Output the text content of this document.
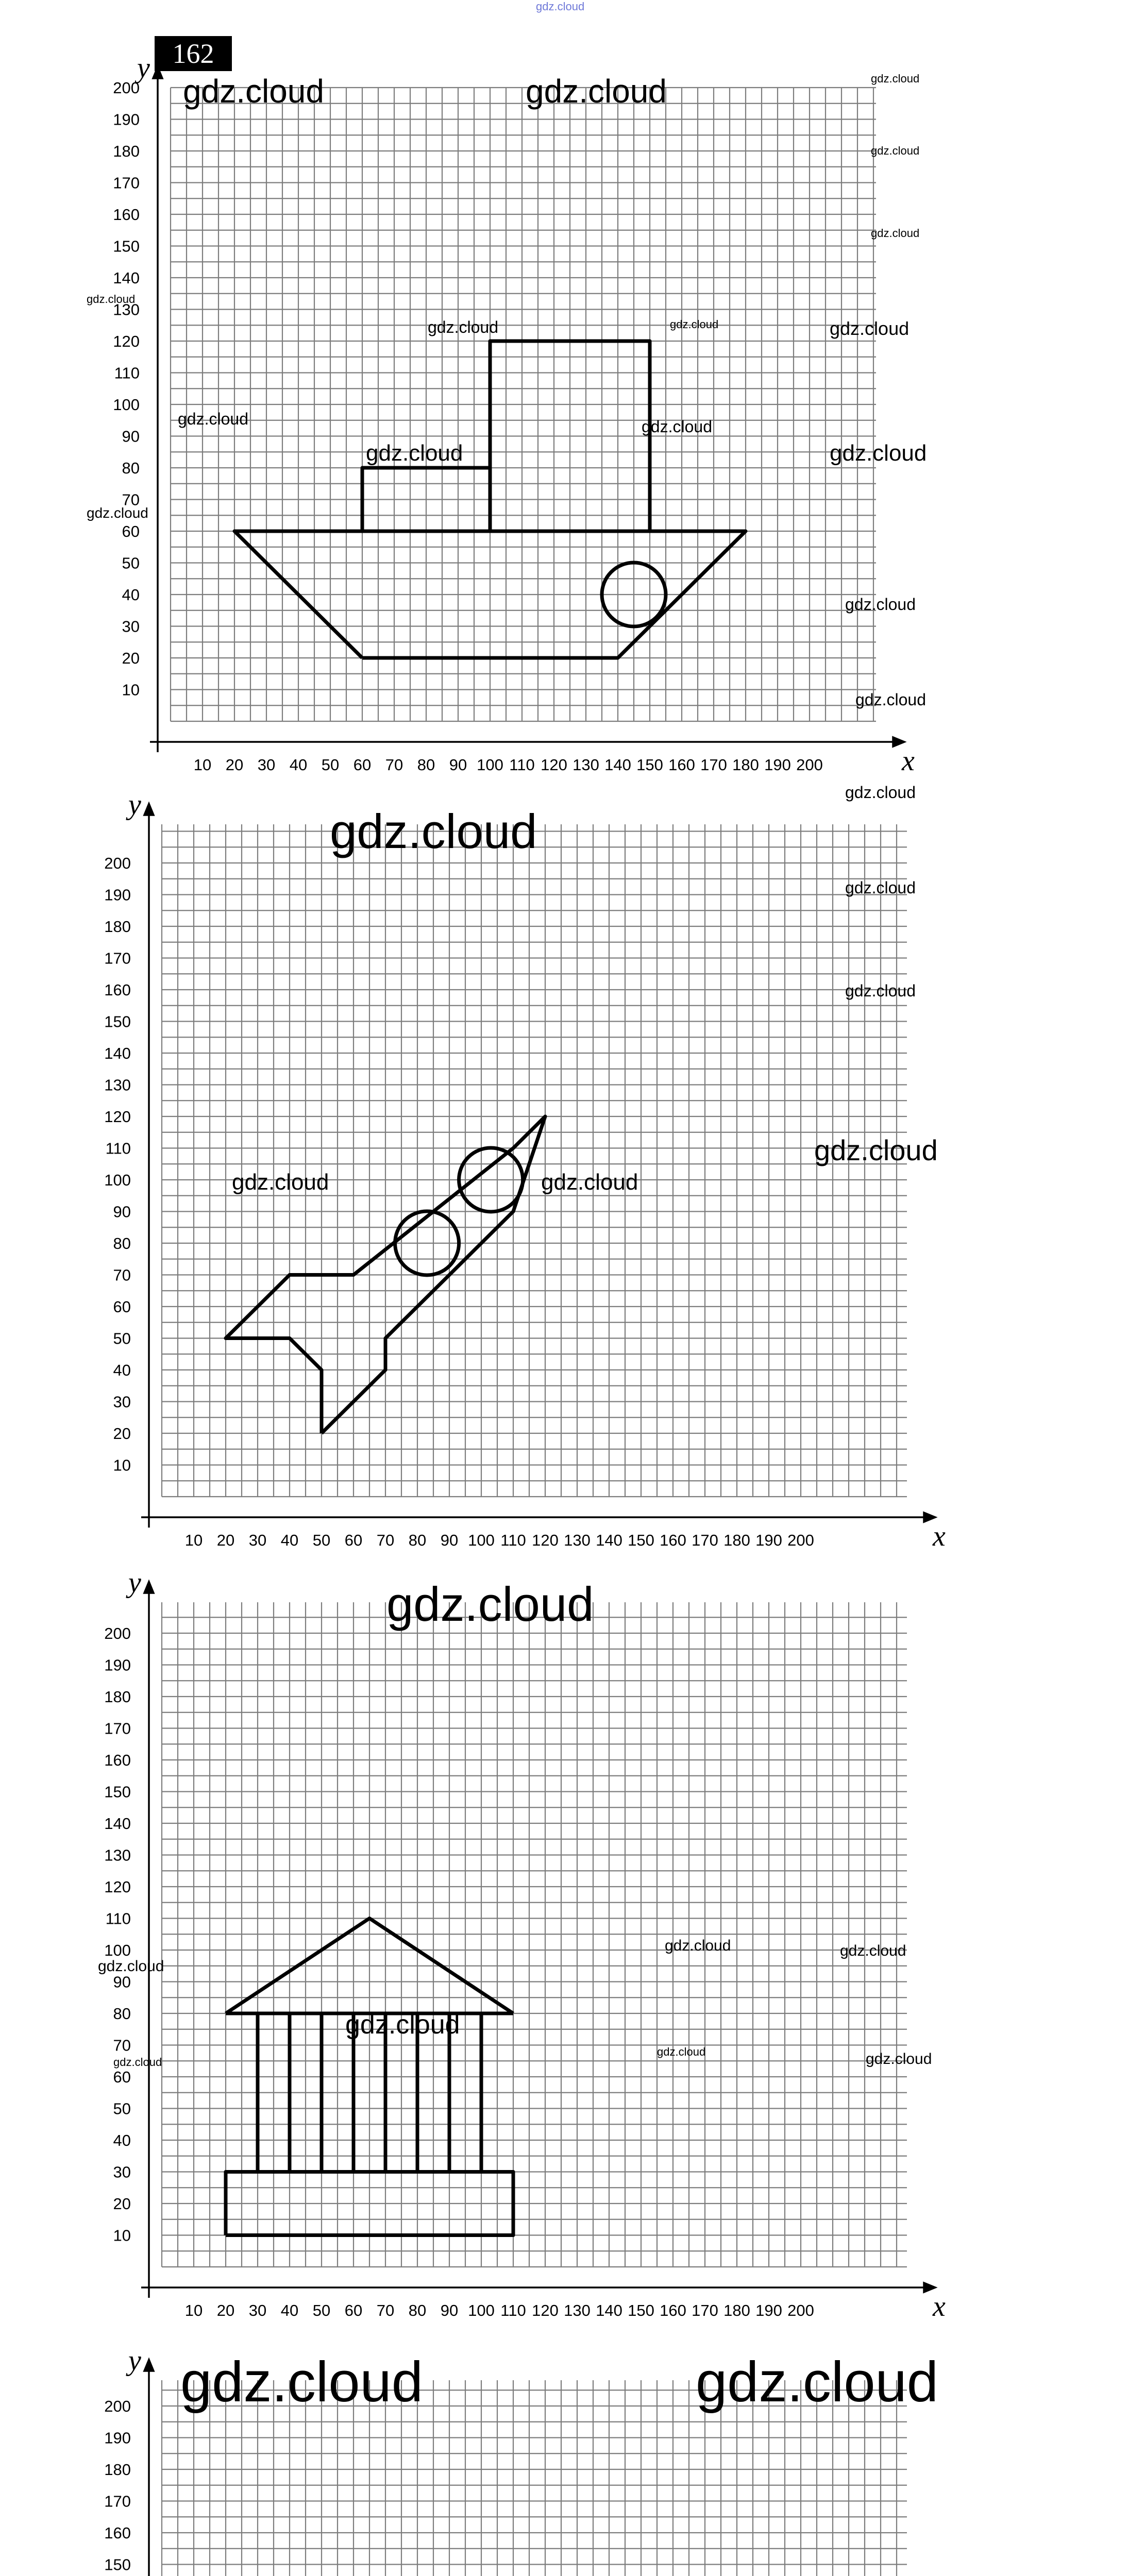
gdz.cloud
162
x
y
10 20 30 40 50 60 70 80 90 100 110 120 130 140 150 160 170 180 190 200
10
20
30
40
50
60
70
80
90
100
110
120
130
140
150
160
170
180
190
200
x
y
10 20 30 40 50 60 70 80 90 100 110 120 130 140 150 160 170 180 190 200
10
20
30
40
50
60
70
80
90
100
110
120
130
140
150
160
170
180
190
200
x
y
10 20 30 40 50 60 70 80 90 100 110 120 130 140 150 160 170 180 190 200
10
20
30
40
50
60
70
80
90
100
110
120
130
140
150
160
170
180
190
200
y
150
160
170
180
190
200
gdz.cloud	gdz.cloud	gdz.cloud
gdz.cloud
gdz.cloud
gdz.cloud
gdz.cloud	gdz.cloud	gdz.cloud
gdz.cloud	gdz.cloud
gdz.cloud	gdz.cloud
gdz.cloud
gdz.cloud
gdz.cloud
gdz.cloud
gdz.cloud
gdz.cloud
gdz.cloud
gdz.cloud	gdz.cloud
gdz.cloud
gdz.cloud
gdz.cloud	gdz.cloud
gdz.cloud
gdz.cloud
gdz.cloud
gdz.cloud	gdz.cloud
gdz.cloud	gdz.cloud
